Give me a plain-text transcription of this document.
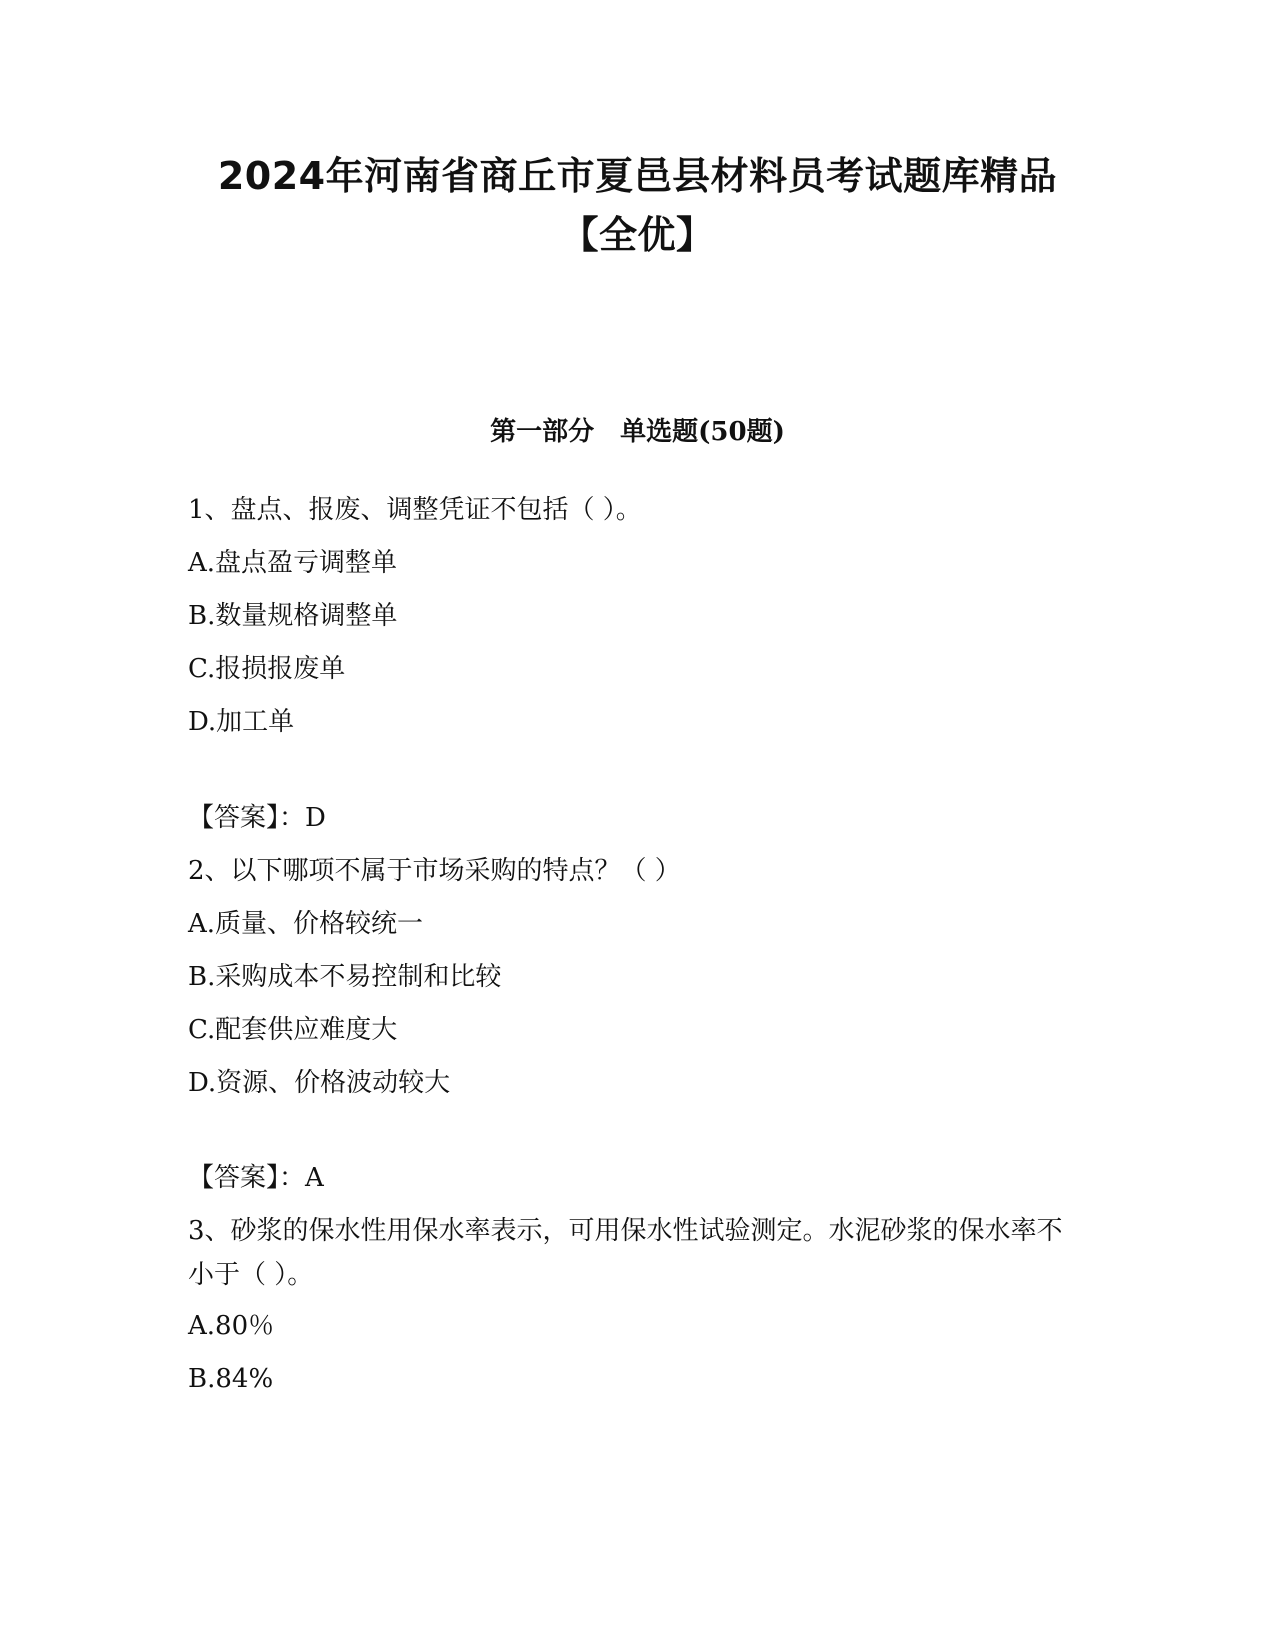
2024年河南省商丘市夏邑县材料员考试题库精品
【全优】
第一部分　单选题(50题)

1、盘点、报废、调整凭证不包括（ ）。

A.盘点盈亏调整单

B.数量规格调整单

C.报损报废单

D.加工单

【答案】：D

2、以下哪项不属于市场采购的特点？（ ）

A.质量、价格较统一

B.采购成本不易控制和比较

C.配套供应难度大

D.资源、价格波动较大

【答案】：A

3、砂浆的保水性用保水率表示，可用保水性试验测定。水泥砂浆的保水率不小于（ ）。

A.80％

B.84%
